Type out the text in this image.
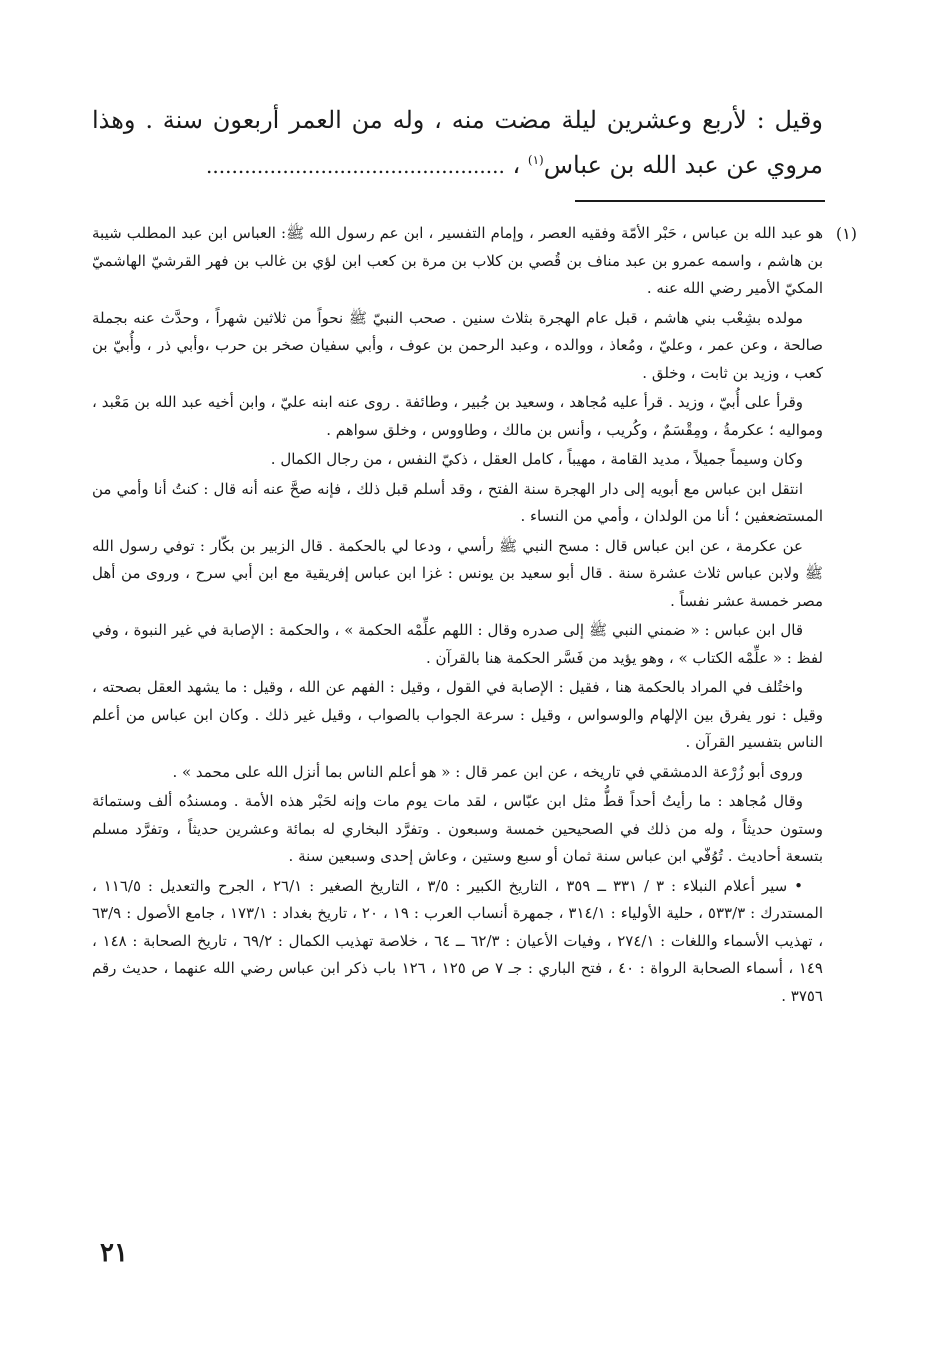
وقيل : لأربع وعشرين ليلة مضت منه ، وله من العمر أربعون سنة . وهذا مروي عن عبد الله بن عباس$^{(١)}$ ، ...............................................

(١)

هو عبد الله بن عباس ، حَبْر الأمّة وفقيه العصر ، وإمام التفسير ، ابن عم رسول الله ﷺ: العباس ابن عبد المطلب شيبة بن هاشم ، واسمه عمرو بن عبد مناف بن قُصي بن كلاب بن مرة بن كعب ابن لؤي بن غالب بن فهر القرشيّ الهاشميّ المكيّ الأمير رضي الله عنه .

مولده بشِعْب بني هاشم ، قبل عام الهجرة بثلاث سنين . صحب النبيّ ﷺ نحواً من ثلاثين شهراً ، وحدَّث عنه بجملة صالحة ، وعن عمر ، وعليّ ، ومُعاذ ، ووالده ، وعبد الرحمن بن عوف ، وأبي سفيان صخر بن حرب ،وأبي ذر ، وأُبيّ بن كعب ، وزيد بن ثابت ، وخلق .

وقرأ على أُبيّ ، وزيد . قرأ عليه مُجاهد ، وسعيد بن جُبير ، وطائفة . روى عنه ابنه عليّ ، وابن أخيه عبد الله بن مَعْبد ، ومواليه ؛ عكرمةُ ، ومِقْسَمٌ ، وكُريب ، وأنس بن مالك ، وطاووس ، وخلق سواهم .

وكان وسيماً جميلاً ، مديد القامة ، مهيباً ، كامل العقل ، ذكيّ النفس ، من رجال الكمال .

انتقل ابن عباس مع أبويه إلى دار الهجرة سنة الفتح ، وقد أسلم قبل ذلك ، فإنه صحَّ عنه أنه قال : كنتُ أنا وأمي من المستضعفين ؛ أنا من الولدان ، وأمي من النساء .

عن عكرمة ، عن ابن عباس قال : مسح النبي ﷺ رأسي ، ودعا لي بالحكمة . قال الزبير بن بكّار : توفي رسول الله ﷺ ولابن عباس ثلاث عشرة سنة . قال أبو سعيد بن يونس : غزا ابن عباس إفريقية مع ابن أبي سرح ، وروى من أهل مصر خمسة عشر نفساً .

قال ابن عباس : « ضمني النبي ﷺ إلى صدره وقال : اللهم علِّمْه الحكمة » ، والحكمة : الإصابة في غير النبوة ، وفي لفظ : « علِّمْه الكتاب » ، وهو يؤيد من فَسَّر الحكمة هنا بالقرآن .

واختُلف في المراد بالحكمة هنا ، فقيل : الإصابة في القول ، وقيل : الفهم عن الله ، وقيل : ما يشهد العقل بصحته ، وقيل : نور يفرق بين الإلهام والوسواس ، وقيل : سرعة الجواب بالصواب ، وقيل غير ذلك . وكان ابن عباس من أعلم الناس بتفسير القرآن .

وروى أبو زُرْعة الدمشقي في تاريخه ، عن ابن عمر قال : « هو أعلم الناس بما أنزل الله على محمد » .

وقال مُجاهد : ما رأيتُ أحداً قطُّ مثل ابن عبّاس ، لقد مات يوم مات وإنه لحَبْر هذه الأمة . ومسندُه ألف وستمائة وستون حديثاً ، وله من ذلك في الصحيحين خمسة وسبعون . وتفرَّد البخاري له بمائة وعشرين حديثاً ، وتفرَّد مسلم بتسعة أحاديث . تُوُفّي ابن عباس سنة ثمان أو سبع وستين ، وعاش إحدى وسبعين سنة .

• سير أعلام النبلاء : ٣ / ٣٣١ ــ ٣٥٩ ، التاريخ الكبير : ٣/٥ ، التاريخ الصغير : ٢٦/١ ، الجرح والتعديل : ١١٦/٥ ، المستدرك : ٥٣٣/٣ ، حلية الأولياء : ٣١٤/١ ، جمهرة أنساب العرب : ١٩ ، ٢٠ ، تاريخ بغداد : ١٧٣/١ ، جامع الأصول : ٦٣/٩ ، تهذيب الأسماء واللغات : ٢٧٤/١ ، وفيات الأعيان : ٦٢/٣ ــ ٦٤ ، خلاصة تهذيب الكمال : ٦٩/٢ ، تاريخ الصحابة : ١٤٨ ، ١٤٩ ، أسماء الصحابة الرواة : ٤٠ ، فتح الباري : جـ ٧ ص ١٢٥ ، ١٢٦ باب ذكر ابن عباس رضي الله عنهما ، حديث رقم ٣٧٥٦ .

٢١
